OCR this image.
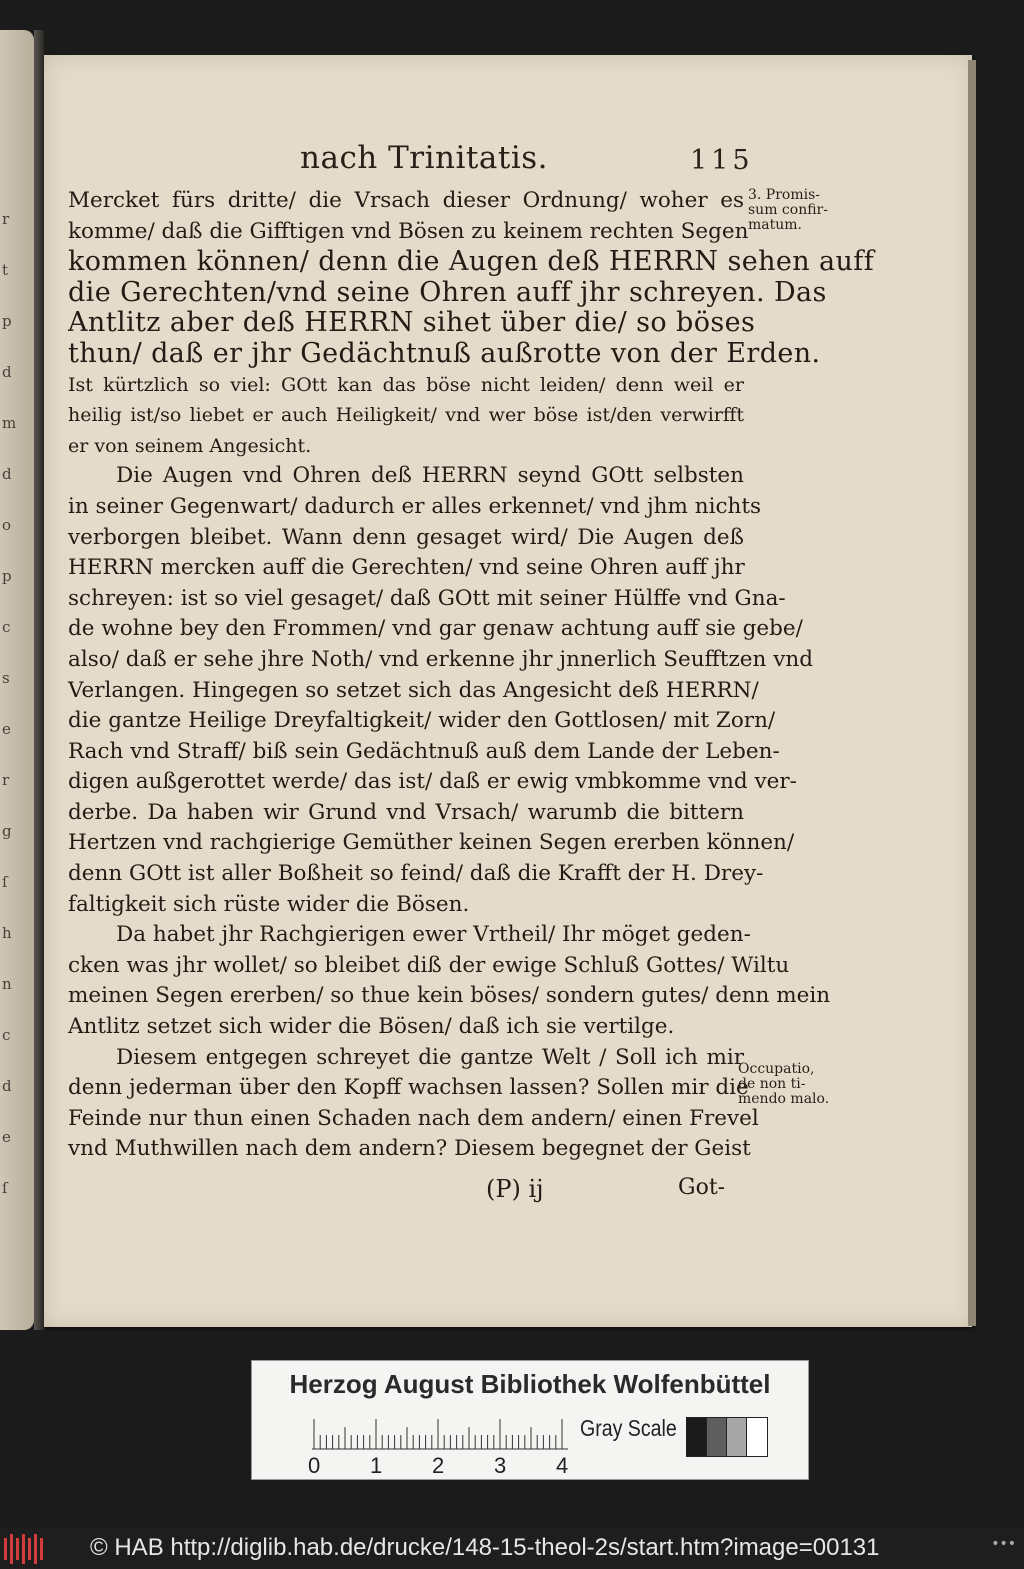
r
t
p
d
m
d
o
p
c
s
e
r
g
ſ
h
n
c
d
e
ſ
nach Trinitatis.	115
Mercket fürs dritte/ die Vrsach dieser Ordnung/ woher es
komme/ daß die Gifftigen vnd Bösen zu keinem rechten Segen
kommen können/ denn die Augen deß HERRN sehen auff
die Gerechten/vnd seine Ohren auff jhr schreyen. Das
Antlitz aber deß HERRN sihet über die/ so böses
thun/ daß er jhr Gedächtnuß außrotte von der Erden.
Ist kürtzlich so viel: GOtt kan das böse nicht leiden/ denn weil er
heilig ist/so liebet er auch Heiligkeit/ vnd wer böse ist/den verwirfft
er von seinem Angesicht.
Die Augen vnd Ohren deß HERRN seynd GOtt selbsten
in seiner Gegenwart/ dadurch er alles erkennet/ vnd jhm nichts
verborgen bleibet. Wann denn gesaget wird/ Die Augen deß
HERRN mercken auff die Gerechten/ vnd seine Ohren auff jhr
schreyen: ist so viel gesaget/ daß GOtt mit seiner Hülffe vnd Gna-
de wohne bey den Frommen/ vnd gar genaw achtung auff sie gebe/
also/ daß er sehe jhre Noth/ vnd erkenne jhr jnnerlich Seufftzen vnd
Verlangen. Hingegen so setzet sich das Angesicht deß HERRN/
die gantze Heilige Dreyfaltigkeit/ wider den Gottlosen/ mit Zorn/
Rach vnd Straff/ biß sein Gedächtnuß auß dem Lande der Leben-
digen außgerottet werde/ das ist/ daß er ewig vmbkomme vnd ver-
derbe. Da haben wir Grund vnd Vrsach/ warumb die bittern
Hertzen vnd rachgierige Gemüther keinen Segen ererben können/
denn GOtt ist aller Boßheit so feind/ daß die Krafft der H. Drey-
faltigkeit sich rüste wider die Bösen.
Da habet jhr Rachgierigen ewer Vrtheil/ Ihr möget geden-
cken was jhr wollet/ so bleibet diß der ewige Schluß Gottes/ Wiltu
meinen Segen ererben/ so thue kein böses/ sondern gutes/ denn mein
Antlitz setzet sich wider die Bösen/ daß ich sie vertilge.
Diesem entgegen schreyet die gantze Welt / Soll ich mir
denn jederman über den Kopff wachsen lassen? Sollen mir die
Feinde nur thun einen Schaden nach dem andern/ einen Frevel
vnd Muthwillen nach dem andern? Diesem begegnet der Geist
3. Promis-sum confir-matum.
Occupatio, de non ti-mendo malo.
(P) ij	Got-
Herzog August Bibliothek Wolfenbüttel
0 1 2 3 4
Gray Scale
© HAB http://diglib.hab.de/drucke/148-15-theol-2s/start.htm?image=00131	•••
